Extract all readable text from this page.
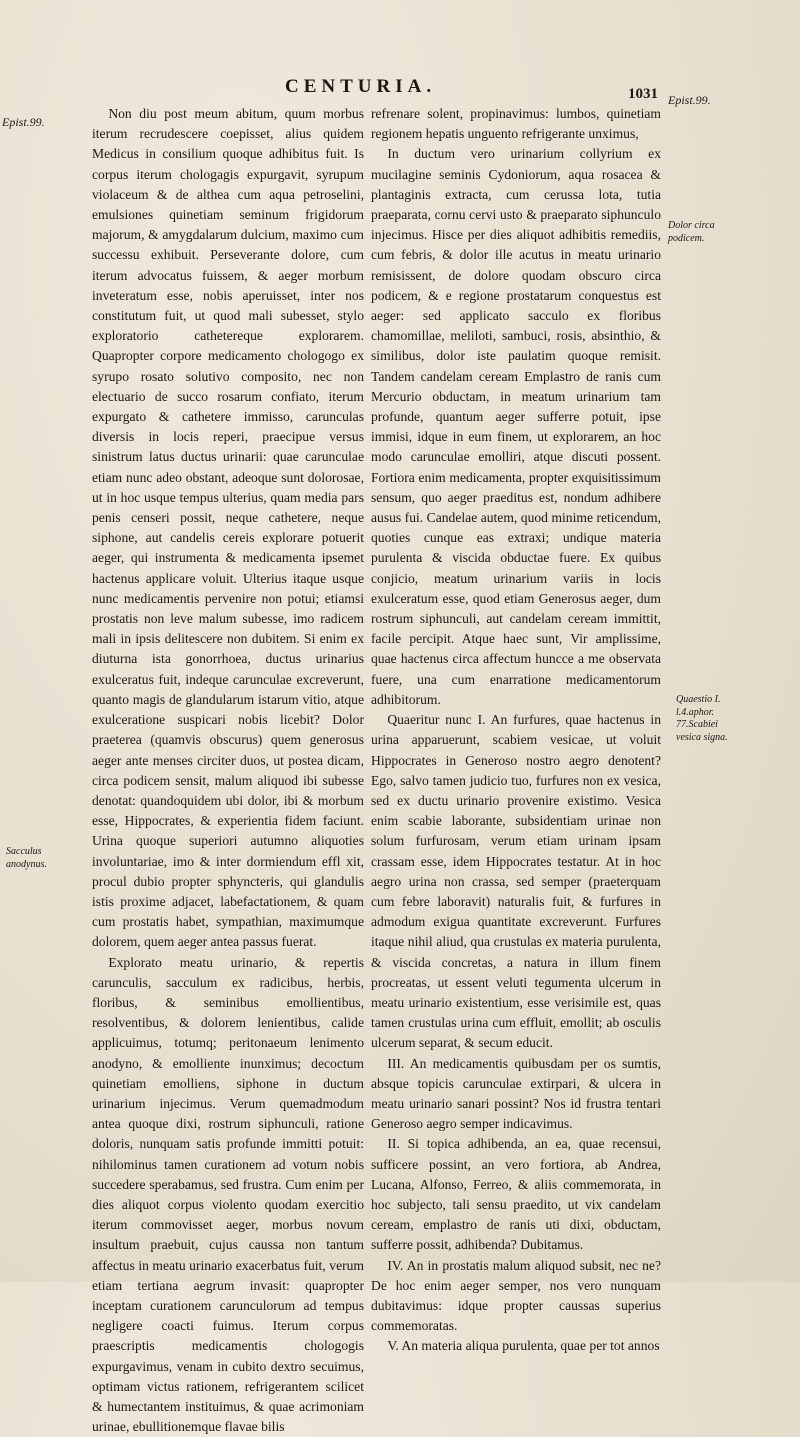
CENTURIA.	1031
Epist.99.
Epist.99.
Dolor circa podicem.
Quaestio I. l.4.aphor. 77.Scabiei vesica signa.
Sacculus anodynus.

Non diu post meum abitum, quum morbus iterum recrudescere coepisset, alius quidem Medicus in consilium quoque adhibitus fuit. Is corpus iterum chologagis expurgavit, syrupum violaceum & de althea cum aqua petroselini, emulsiones quinetiam seminum frigidorum majorum, & amygdalarum dulcium, maximo cum successu exhibuit. Perseverante dolore, cum iterum advocatus fuissem, & aeger morbum inveteratum esse, nobis aperuisset, inter nos constitutum fuit, ut quod mali subesset, stylo exploratorio cathetereque explorarem. Quapropter corpore medicamento chologogo ex syrupo rosato solutivo composito, nec non electuario de succo rosarum confiato, iterum expurgato & cathetere immisso, carunculas diversis in locis reperi, praecipue versus sinistrum latus ductus urinarii: quae carunculae etiam nunc adeo obstant, adeoque sunt dolorosae, ut in hoc usque tempus ulterius, quam media pars penis censeri possit, neque cathetere, neque siphone, aut candelis cereis explorare potuerit aeger, qui instrumenta & medicamenta ipsemet hactenus applicare voluit. Ulterius itaque usque nunc medicamentis pervenire non potui; etiamsi prostatis non leve malum subesse, imo radicem mali in ipsis delitescere non dubitem. Si enim ex diuturna ista gonorrhoea, ductus urinarius exulceratus fuit, indeque carunculae excreverunt, quanto magis de glandularum istarum vitio, atque exulceratione suspicari nobis licebit? Dolor praeterea (quamvis obscurus) quem generosus aeger ante menses circiter duos, ut postea dicam, circa podicem sensit, malum aliquod ibi subesse denotat: quandoquidem ubi dolor, ibi & morbum esse, Hippocrates, & experientia fidem faciunt. Urina quoque superiori autumno aliquoties involuntariae, imo & inter dormiendum effl xit, procul dubio propter sphyncteris, qui glandulis istis proxime adjacet, labefactationem, & quam cum prostatis habet, sympathian, maximumque dolorem, quem aeger antea passus fuerat.

Explorato meatu urinario, & repertis carunculis, sacculum ex radicibus, herbis, floribus, & seminibus emollientibus, resolventibus, & dolorem lenientibus, calide applicuimus, totumq; peritonaeum lenimento anodyno, & emolliente inunximus; decoctum quinetiam emolliens, siphone in ductum urinarium injecimus. Verum quemadmodum antea quoque dixi, rostrum siphunculi, ratione doloris, nunquam satis profunde immitti potuit: nihilominus tamen curationem ad votum nobis succedere sperabamus, sed frustra. Cum enim per dies aliquot corpus violento quodam exercitio iterum commovisset aeger, morbus novum insultum praebuit, cujus caussa non tantum affectus in meatu urinario exacerbatus fuit, verum etiam tertiana aegrum invasit: quapropter inceptam curationem carunculorum ad tempus negligere coacti fuimus. Iterum corpus praescriptis medicamentis chologogis expurgavimus, venam in cubito dextro secuimus, optimam victus rationem, refrigerantem scilicet & humectantem instituimus, & quae acrimoniam urinae, ebullitionemque flavae bilis

refrenare solent, propinavimus: lumbos, quinetiam regionem hepatis unguento refrigerante unximus,

In ductum vero urinarium collyrium ex mucilagine seminis Cydoniorum, aqua rosacea & plantaginis extracta, cum cerussa lota, tutia praeparata, cornu cervi usto & praeparato siphunculo injecimus. Hisce per dies aliquot adhibitis remediis, cum febris, & dolor ille acutus in meatu urinario remisissent, de dolore quodam obscuro circa podicem, & e regione prostatarum conquestus est aeger: sed applicato sacculo ex floribus chamomillae, meliloti, sambuci, rosis, absinthio, & similibus, dolor iste paulatim quoque remisit. Tandem candelam ceream Emplastro de ranis cum Mercurio obductam, in meatum urinarium tam profunde, quantum aeger sufferre potuit, ipse immisi, idque in eum finem, ut explorarem, an hoc modo carunculae emolliri, atque discuti possent. Fortiora enim medicamenta, propter exquisitissimum sensum, quo aeger praeditus est, nondum adhibere ausus fui. Candelae autem, quod minime reticendum, quoties cunque eas extraxi; undique materia purulenta & viscida obductae fuere. Ex quibus conjicio, meatum urinarium variis in locis exulceratum esse, quod etiam Generosus aeger, dum rostrum siphunculi, aut candelam ceream immittit, facile percipit. Atque haec sunt, Vir amplissime, quae hactenus circa affectum huncce a me observata fuere, una cum enarratione medicamentorum adhibitorum.

Quaeritur nunc I. An furfures, quae hactenus in urina apparuerunt, scabiem vesicae, ut voluit Hippocrates in Generoso nostro aegro denotent? Ego, salvo tamen judicio tuo, furfures non ex vesica, sed ex ductu urinario provenire existimo. Vesica enim scabie laborante, subsidentiam urinae non solum furfurosam, verum etiam urinam ipsam crassam esse, idem Hippocrates testatur. At in hoc aegro urina non crassa, sed semper (praeterquam cum febre laboravit) naturalis fuit, & furfures in admodum exigua quantitate excreverunt. Furfures itaque nihil aliud, qua crustulas ex materia purulenta, & viscida concretas, a natura in illum finem procreatas, ut essent veluti tegumenta ulcerum in meatu urinario existentium, esse verisimile est, quas tamen crustulas urina cum effluit, emollit; ab osculis ulcerum separat, & secum educit.

III. An medicamentis quibusdam per os sumtis, absque topicis carunculae extirpari, & ulcera in meatu urinario sanari possint? Nos id frustra tentari Generoso aegro semper indicavimus.

II. Si topica adhibenda, an ea, quae recensui, sufficere possint, an vero fortiora, ab Andrea, Lucana, Alfonso, Ferreo, & aliis commemorata, in hoc subjecto, tali sensu praedito, ut vix candelam ceream, emplastro de ranis uti dixi, obductam, sufferre possit, adhibenda? Dubitamus.

IV. An in prostatis malum aliquod subsit, nec ne? De hoc enim aeger semper, nos vero nunquam dubitavimus: idque propter caussas superius commemoratas.

V. An materia aliqua purulenta, quae per tot annos
